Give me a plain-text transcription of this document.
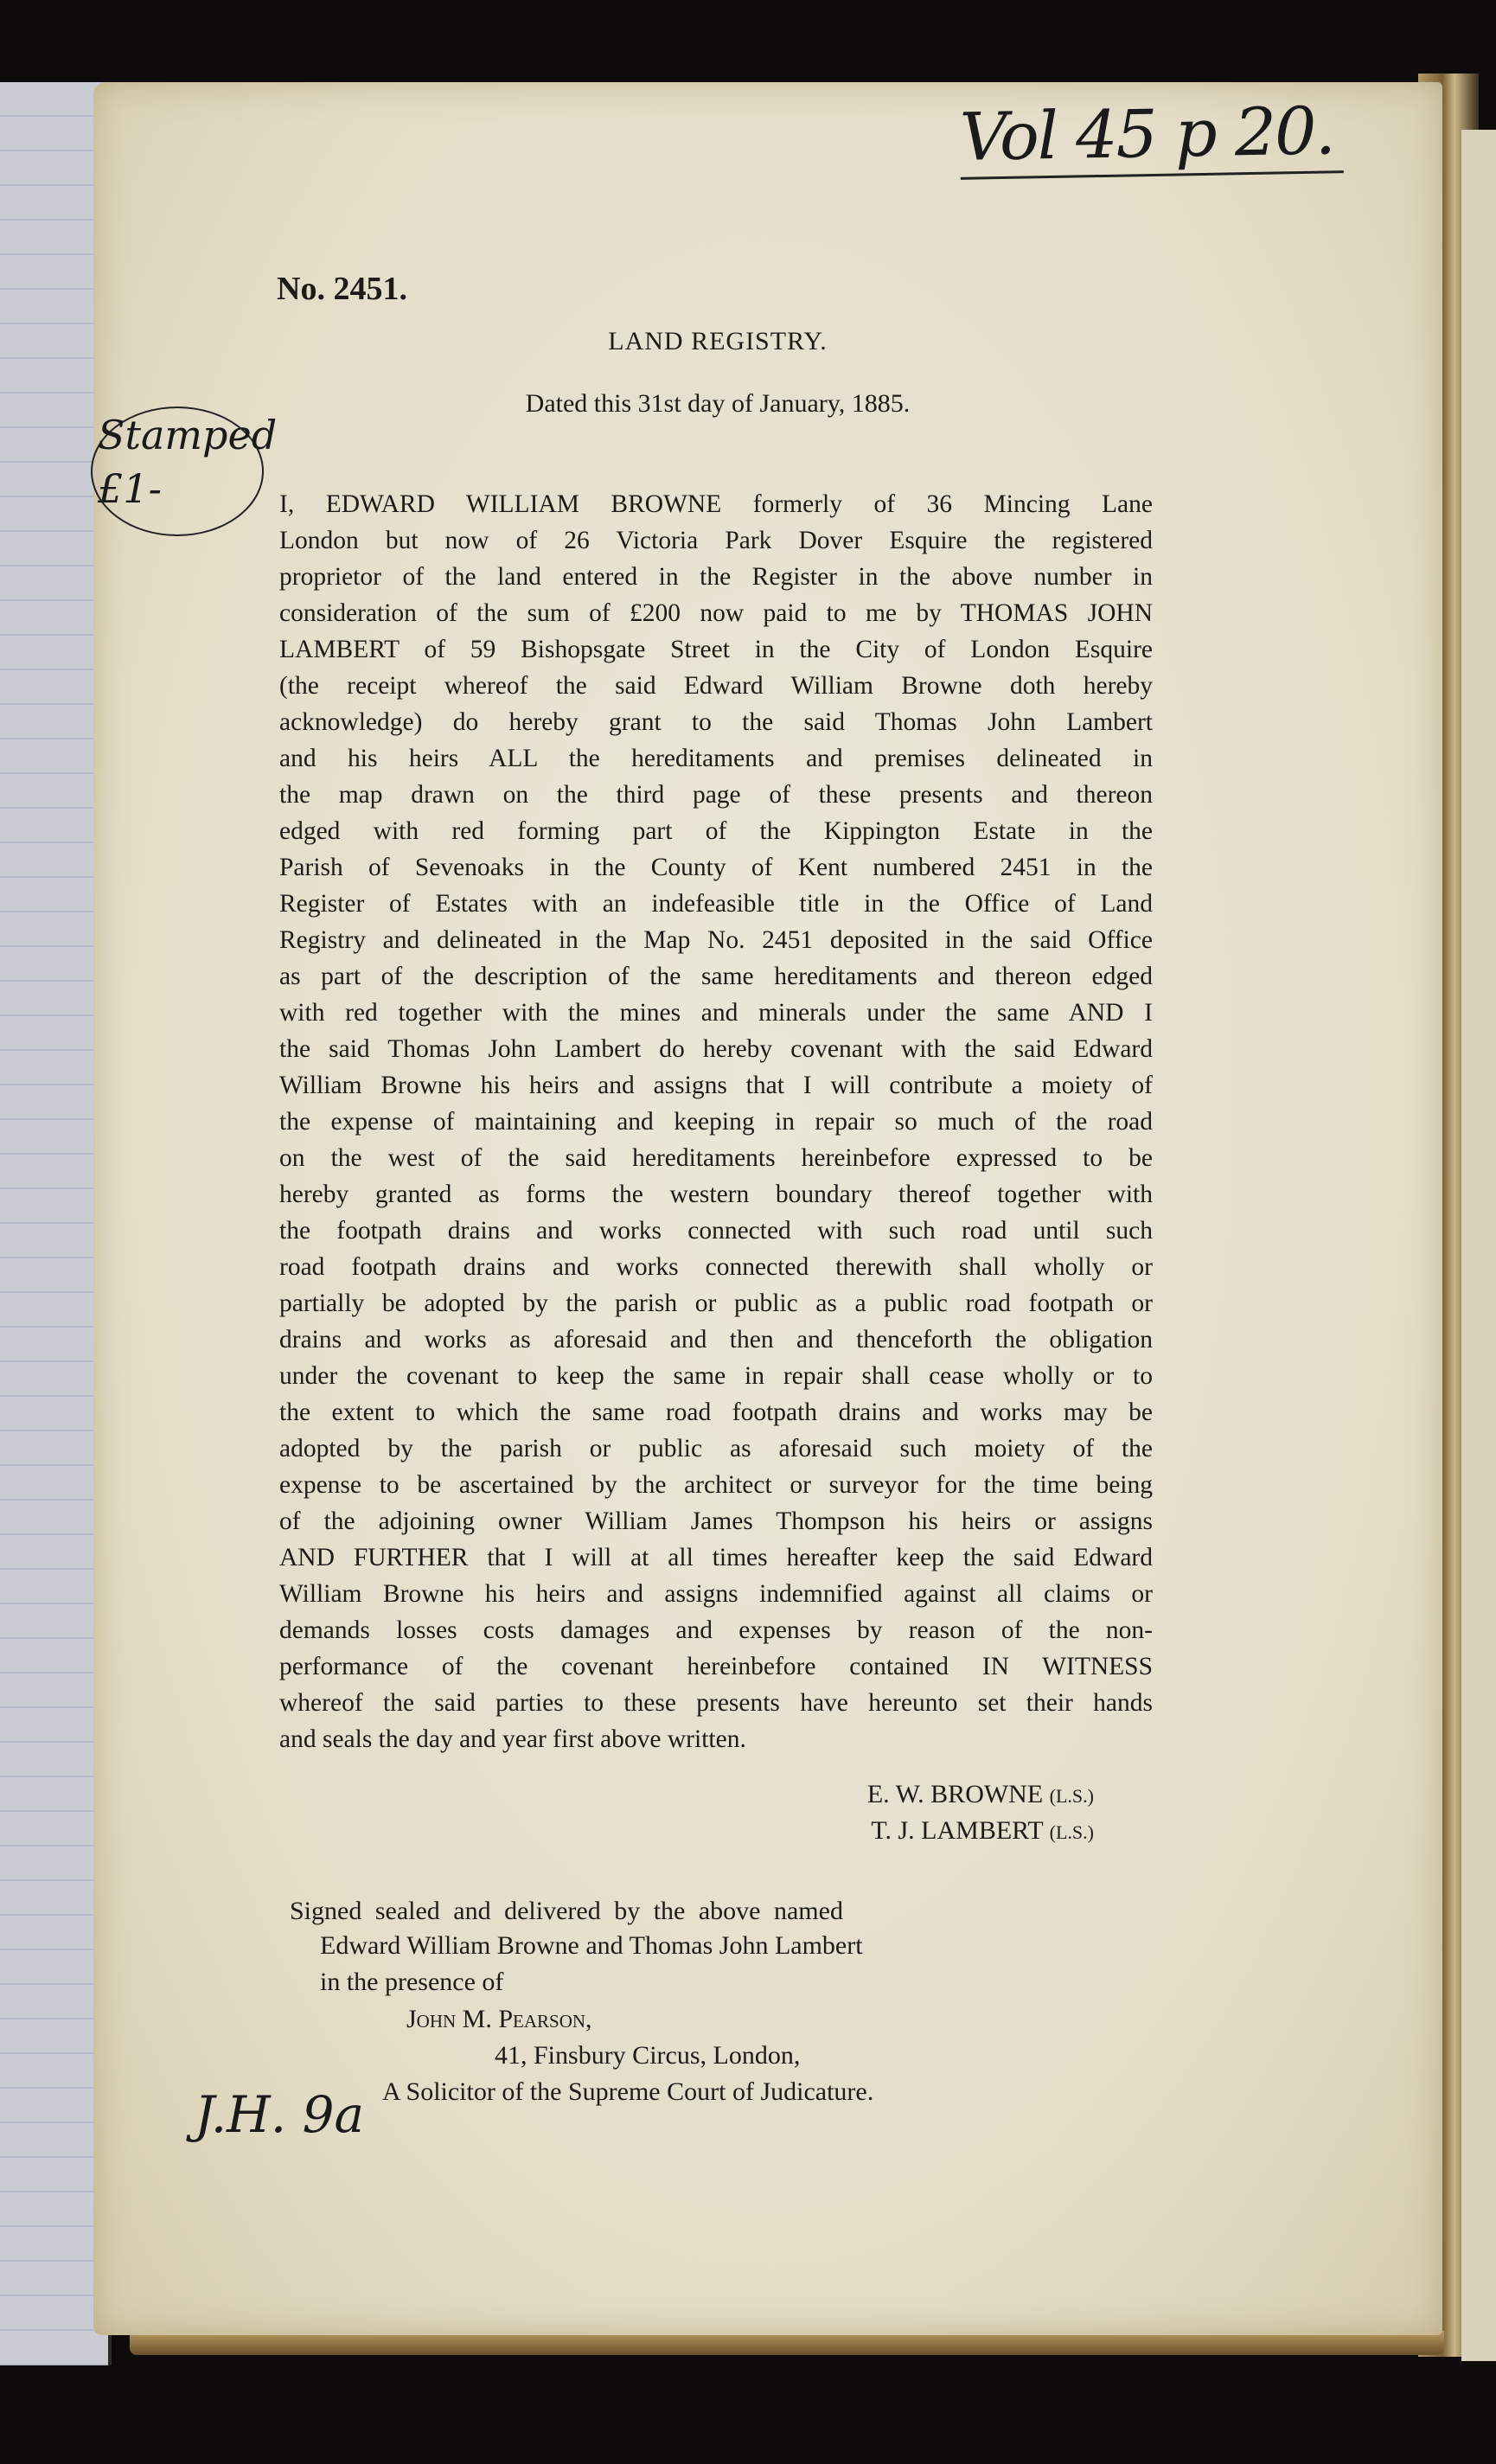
Vol 45 p 20.
Stamped £1-
J.H. 9a
No. 2451.
LAND REGISTRY.
Dated this 31st day of January, 1885.
I, EDWARD WILLIAM BROWNE formerly of 36 Mincing Lane
London but now of 26 Victoria Park Dover Esquire the registered
proprietor of the land entered in the Register in the above number in
consideration of the sum of £200 now paid to me by THOMAS JOHN
LAMBERT of 59 Bishopsgate Street in the City of London Esquire
(the receipt whereof the said Edward William Browne doth hereby
acknowledge) do hereby grant to the said Thomas John Lambert
and his heirs ALL the hereditaments and premises delineated in
the map drawn on the third page of these presents and thereon
edged with red forming part of the Kippington Estate in the
Parish of Sevenoaks in the County of Kent numbered 2451 in the
Register of Estates with an indefeasible title in the Office of Land
Registry and delineated in the Map No. 2451 deposited in the said Office
as part of the description of the same hereditaments and thereon edged
with red together with the mines and minerals under the same AND I
the said Thomas John Lambert do hereby covenant with the said Edward
William Browne his heirs and assigns that I will contribute a moiety of
the expense of maintaining and keeping in repair so much of the road
on the west of the said hereditaments hereinbefore expressed to be
hereby granted as forms the western boundary thereof together with
the footpath drains and works connected with such road until such
road footpath drains and works connected therewith shall wholly or
partially be adopted by the parish or public as a public road footpath or
drains and works as aforesaid and then and thenceforth the obligation
under the covenant to keep the same in repair shall cease wholly or to
the extent to which the same road footpath drains and works may be
adopted by the parish or public as aforesaid such moiety of the
expense to be ascertained by the architect or surveyor for the time being
of the adjoining owner William James Thompson his heirs or assigns
AND FURTHER that I will at all times hereafter keep the said Edward
William Browne his heirs and assigns indemnified against all claims or
demands losses costs damages and expenses by reason of the non-
performance of the covenant hereinbefore contained IN WITNESS
whereof the said parties to these presents have hereunto set their hands
and seals the day and year first above written.
E. W. BROWNE (L.S.)
T. J. LAMBERT (L.S.)
Signed sealed and delivered by the above named
Edward William Browne and Thomas John Lambert
in the presence of
John M. Pearson,
41, Finsbury Circus, London,
A Solicitor of the Supreme Court of Judicature.
